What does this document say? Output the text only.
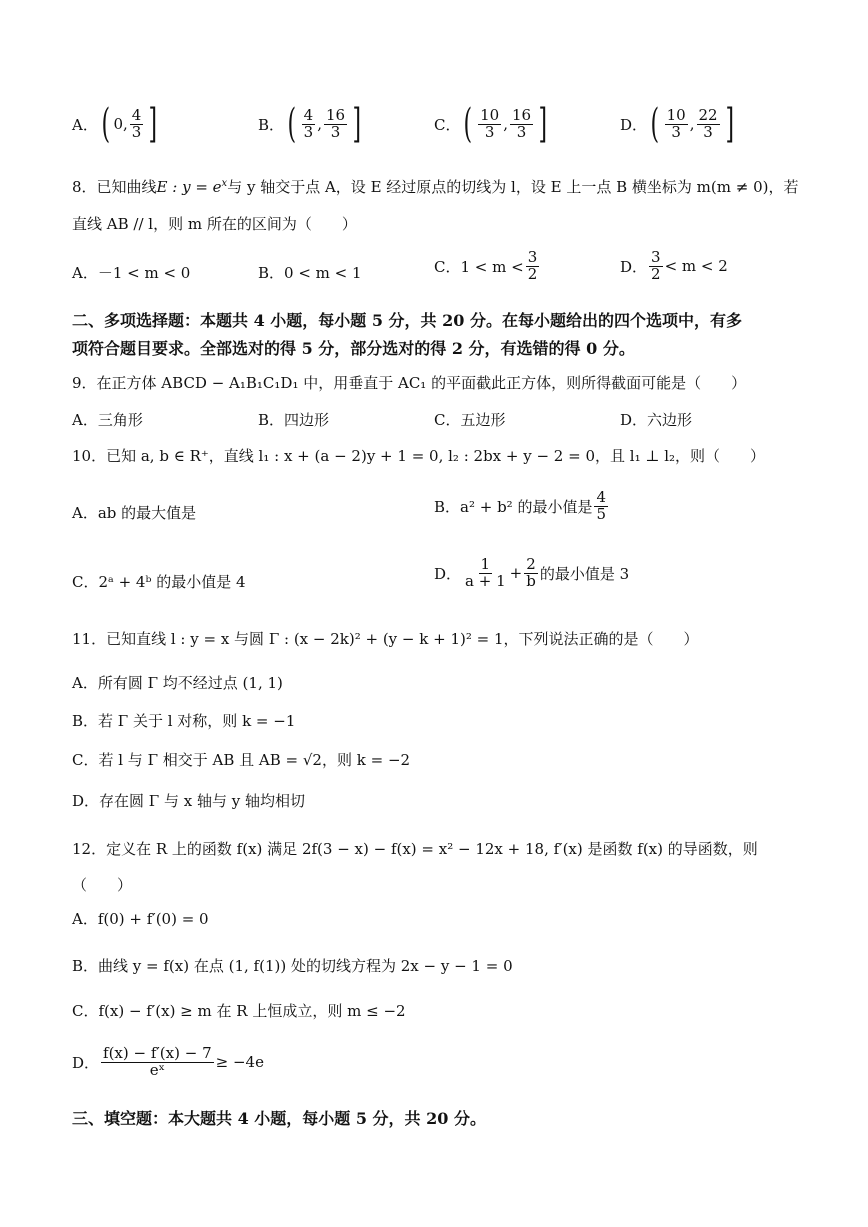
A．( 0, $\frac{4}{3}$ ]	B．( $\frac{4}{3}$ , $\frac{16}{3}$ ]	C．( $\frac{10}{3}$ , $\frac{16}{3}$ ]	D．( $\frac{10}{3}$ , $\frac{22}{3}$ ]
8．已知曲线E : $y = e^x$与 y 轴交于点 A，设 E 经过原点的切线为 l，设 E 上一点 B 横坐标为 m(m ≠ 0)，若
直线 AB // l，则 m 所在的区间为（　　）
A．－1 < m < 0	B．0 < m < 1	C．$1 < m < \frac{3}{2}$	D． $\frac{3}{2} < m < 2$
二、多项选择题：本题共 4 小题，每小题 5 分，共 20 分。在每小题给出的四个选项中，有多
项符合题目要求。全部选对的得 5 分，部分选对的得 2 分，有选错的得 0 分。
9．在正方体 ABCD − A₁B₁C₁D₁ 中，用垂直于 AC₁ 的平面截此正方体，则所得截面可能是（　　）
A．三角形	B．四边形	C．五边形	D．六边形
10．已知 a, b ∈ R⁺，直线 l₁ : x + (a − 2)y + 1 = 0, l₂ : 2bx + y − 2 = 0，且 l₁ ⊥ l₂，则（　　）
A．ab 的最大值是	B．a² + b² 的最小值是 $\frac{4}{5}$
C．2ᵃ + 4ᵇ 的最小值是 4	D． $\frac{1}{a + 1} + \frac{2}{b}$ 的最小值是 3
11．已知直线 l : y = x 与圆 Γ : (x − 2k)² + (y − k + 1)² = 1，下列说法正确的是（　　）
A．所有圆 Γ 均不经过点 (1, 1)
B．若 Γ 关于 l 对称，则 k = −1
C．若 l 与 Γ 相交于 AB 且 AB = √2，则 k = −2
D．存在圆 Γ 与 x 轴与 y 轴均相切
12．定义在 R 上的函数 f(x) 满足 2f(3 − x) − f(x) = x² − 12x + 18, f′(x) 是函数 f(x) 的导函数，则
（　　）
A．f(0) + f′(0) = 0
B．曲线 y = f(x) 在点 (1, f(1)) 处的切线方程为 2x − y − 1 = 0
C．f(x) − f′(x) ≥ m 在 R 上恒成立，则 m ≤ −2
D． $\frac{f(x) - f'(x) - 7}{\text{eˣ}} \ge -4e$
三、填空题：本大题共 4 小题，每小题 5 分，共 20 分。
